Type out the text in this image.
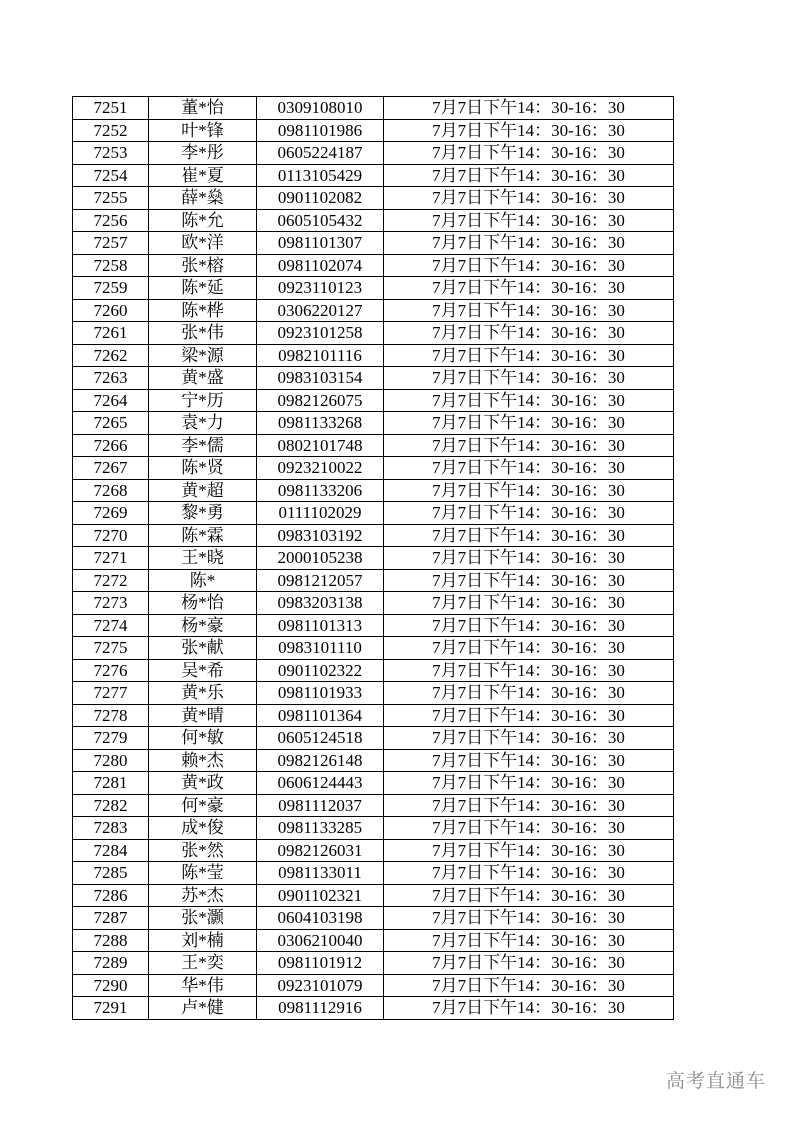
7251	董*怡	0309108010	7月7日下午14：30-16：30
7252	叶*锋	0981101986	7月7日下午14：30-16：30
7253	李*彤	0605224187	7月7日下午14：30-16：30
7254	崔*夏	0113105429	7月7日下午14：30-16：30
7255	薛*燊	0901102082	7月7日下午14：30-16：30
7256	陈*允	0605105432	7月7日下午14：30-16：30
7257	欧*洋	0981101307	7月7日下午14：30-16：30
7258	张*榕	0981102074	7月7日下午14：30-16：30
7259	陈*延	0923110123	7月7日下午14：30-16：30
7260	陈*桦	0306220127	7月7日下午14：30-16：30
7261	张*伟	0923101258	7月7日下午14：30-16：30
7262	梁*源	0982101116	7月7日下午14：30-16：30
7263	黄*盛	0983103154	7月7日下午14：30-16：30
7264	宁*历	0982126075	7月7日下午14：30-16：30
7265	袁*力	0981133268	7月7日下午14：30-16：30
7266	李*儒	0802101748	7月7日下午14：30-16：30
7267	陈*贤	0923210022	7月7日下午14：30-16：30
7268	黄*超	0981133206	7月7日下午14：30-16：30
7269	黎*勇	0111102029	7月7日下午14：30-16：30
7270	陈*霖	0983103192	7月7日下午14：30-16：30
7271	王*晓	2000105238	7月7日下午14：30-16：30
7272	陈*	0981212057	7月7日下午14：30-16：30
7273	杨*怡	0983203138	7月7日下午14：30-16：30
7274	杨*豪	0981101313	7月7日下午14：30-16：30
7275	张*献	0983101110	7月7日下午14：30-16：30
7276	吴*希	0901102322	7月7日下午14：30-16：30
7277	黄*乐	0981101933	7月7日下午14：30-16：30
7278	黄*晴	0981101364	7月7日下午14：30-16：30
7279	何*敏	0605124518	7月7日下午14：30-16：30
7280	赖*杰	0982126148	7月7日下午14：30-16：30
7281	黄*政	0606124443	7月7日下午14：30-16：30
7282	何*豪	0981112037	7月7日下午14：30-16：30
7283	成*俊	0981133285	7月7日下午14：30-16：30
7284	张*然	0982126031	7月7日下午14：30-16：30
7285	陈*莹	0981133011	7月7日下午14：30-16：30
7286	苏*杰	0901102321	7月7日下午14：30-16：30
7287	张*灏	0604103198	7月7日下午14：30-16：30
7288	刘*楠	0306210040	7月7日下午14：30-16：30
7289	王*奕	0981101912	7月7日下午14：30-16：30
7290	华*伟	0923101079	7月7日下午14：30-16：30
7291	卢*健	0981112916	7月7日下午14：30-16：30
高考直通车
